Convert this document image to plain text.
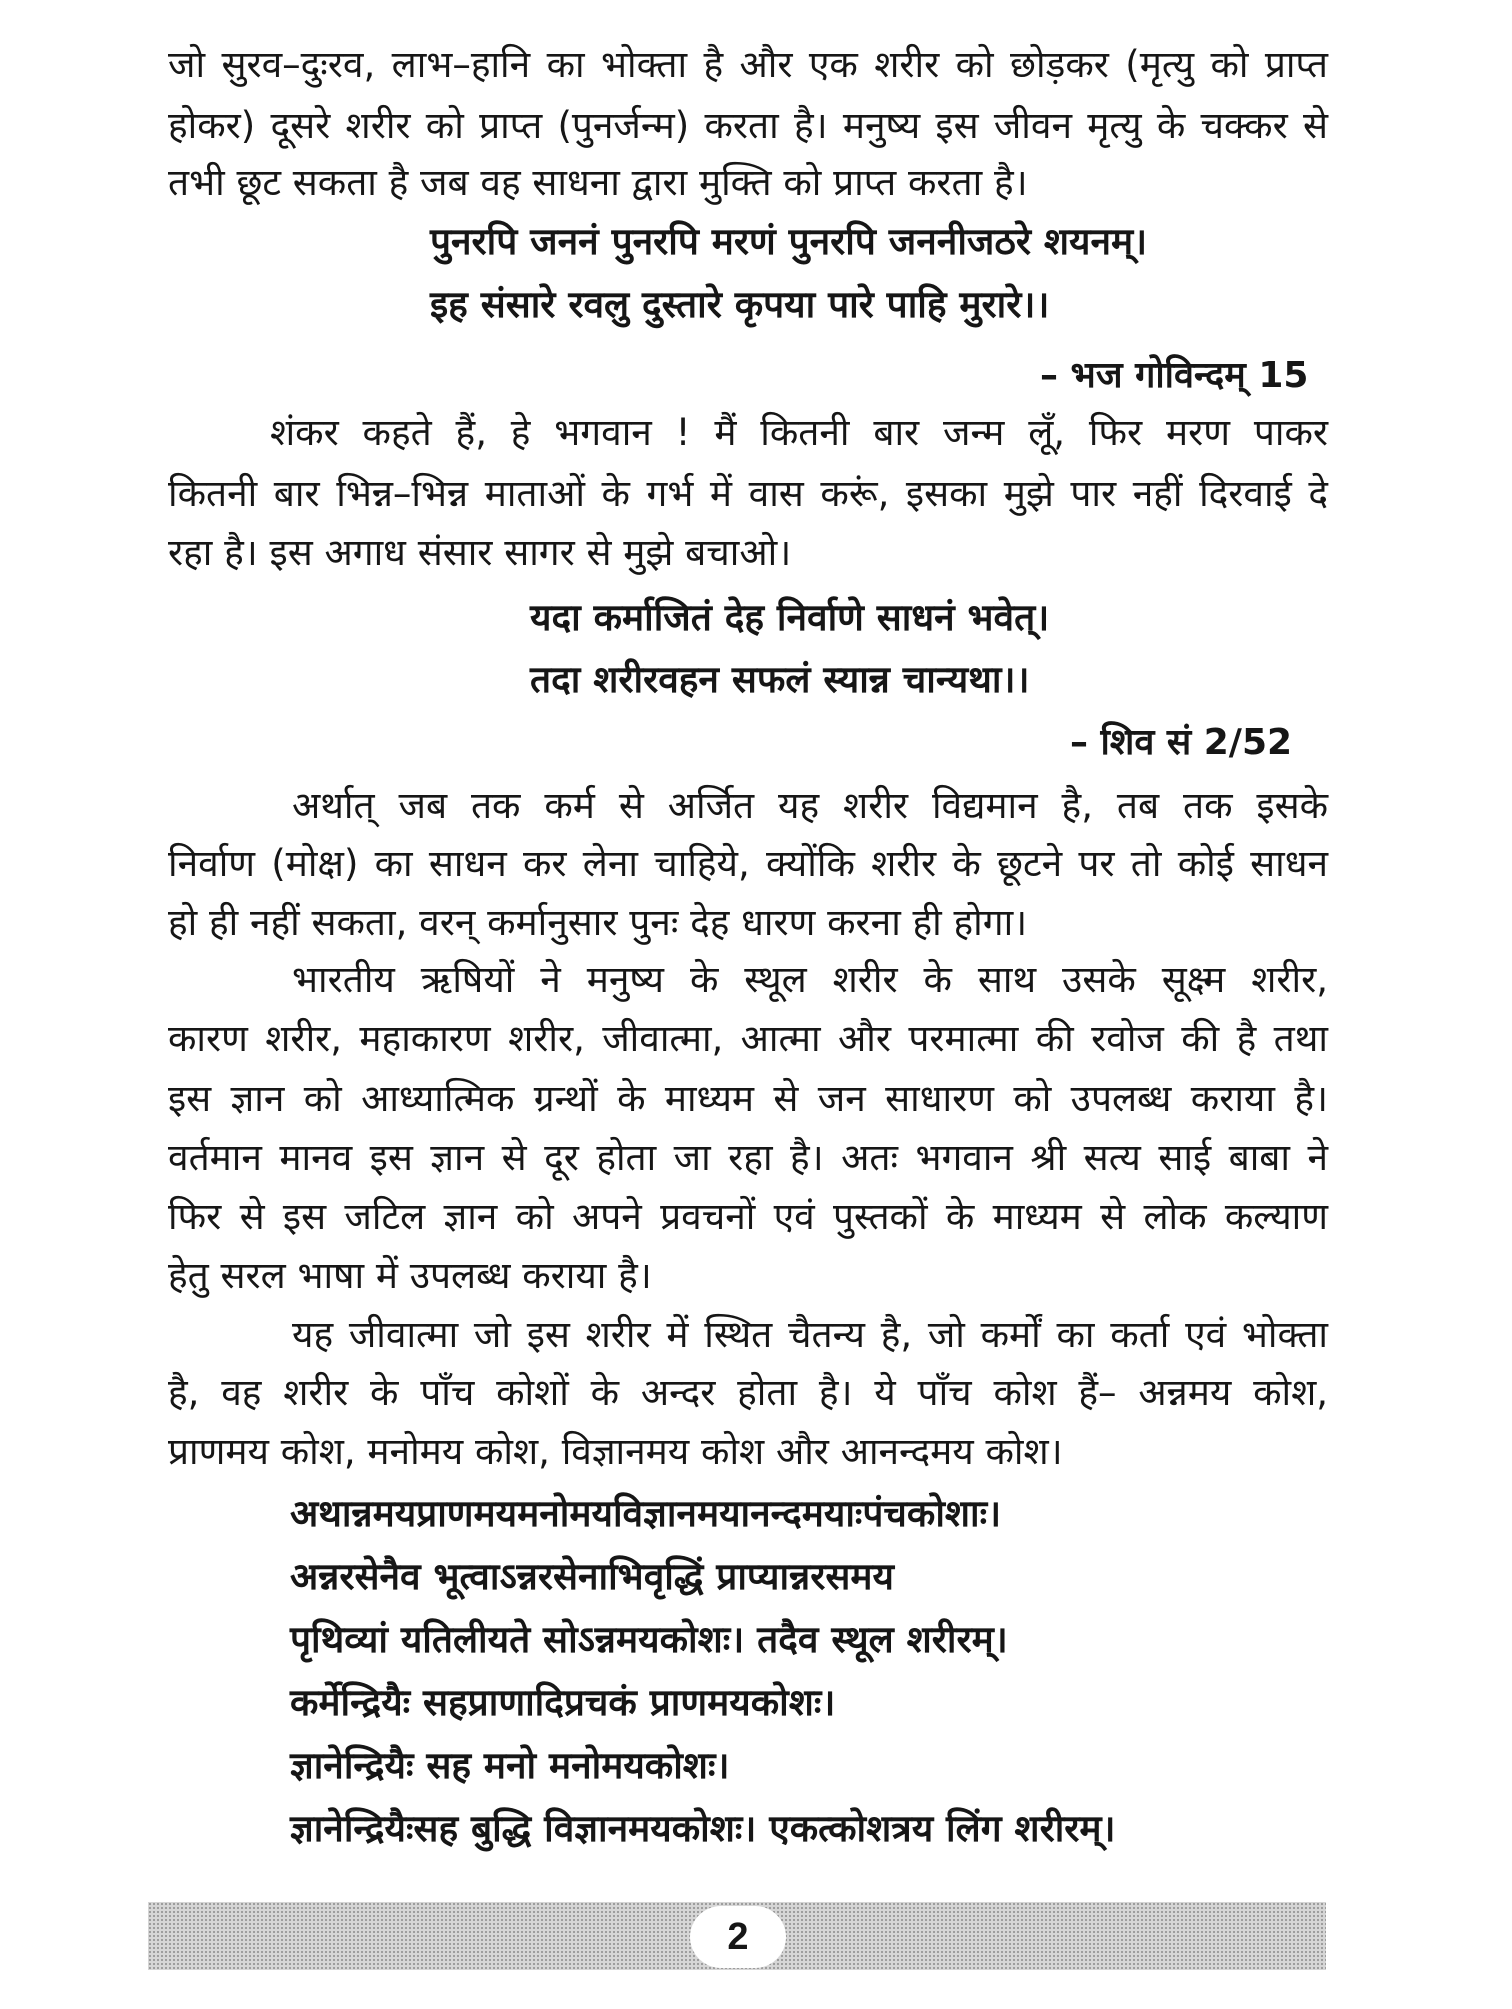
जो सुरव–दुःरव, लाभ–हानि का भोक्ता है और एक शरीर को छोड़कर (मृत्यु को प्राप्त
होकर) दूसरे शरीर को प्राप्त (पुनर्जन्म) करता है। मनुष्य इस जीवन मृत्यु के चक्कर से
तभी छूट सकता है जब वह साधना द्वारा मुक्ति को प्राप्त करता है।
पुनरपि जननं पुनरपि मरणं पुनरपि जननीजठरे शयनम्।
इह संसारे रवलु दुस्तारे कृपया पारे पाहि मुरारे।।
– भज गोविन्दम् 15
शंकर कहते हैं, हे भगवान ! मैं कितनी बार जन्म लूँ, फिर मरण पाकर
कितनी बार भिन्न–भिन्न माताओं के गर्भ में वास करूं, इसका मुझे पार नहीं दिरवाई दे
रहा है। इस अगाध संसार सागर से मुझे बचाओ।
यदा कर्माजितं देह निर्वाणे साधनं भवेत्।
तदा शरीरवहन सफलं स्यान्न चान्यथा।।
– शिव सं 2/52
अर्थात् जब तक कर्म से अर्जित यह शरीर विद्यमान है, तब तक इसके
निर्वाण (मोक्ष) का साधन कर लेना चाहिये, क्योंकि शरीर के छूटने पर तो कोई साधन
हो ही नहीं सकता, वरन् कर्मानुसार पुनः देह धारण करना ही होगा।
भारतीय ऋषियों ने मनुष्य के स्थूल शरीर के साथ उसके सूक्ष्म शरीर,
कारण शरीर, महाकारण शरीर, जीवात्मा, आत्मा और परमात्मा की रवोज की है तथा
इस ज्ञान को आध्यात्मिक ग्रन्थों के माध्यम से जन साधारण को उपलब्ध कराया है।
वर्तमान मानव इस ज्ञान से दूर होता जा रहा है। अतः भगवान श्री सत्य साई बाबा ने
फिर से इस जटिल ज्ञान को अपने प्रवचनों एवं पुस्तकों के माध्यम से लोक कल्याण
हेतु सरल भाषा में उपलब्ध कराया है।
यह जीवात्मा जो इस शरीर में स्थित चैतन्य है, जो कर्मों का कर्ता एवं भोक्ता
है, वह शरीर के पाँच कोशों के अन्दर होता है। ये पाँच कोश हैं– अन्नमय कोश,
प्राणमय कोश, मनोमय कोश, विज्ञानमय कोश और आनन्दमय कोश।
अथान्नमयप्राणमयमनोमयविज्ञानमयानन्दमयाःपंचकोशाः।
अन्नरसेनैव भूत्वाऽन्नरसेनाभिवृद्धिं प्राप्यान्नरसमय
पृथिव्यां यतिलीयते सोऽन्नमयकोशः। तदैव स्थूल शरीरम्।
कर्मेन्द्रियैः सहप्राणादिप्रचकं प्राणमयकोशः।
ज्ञानेन्द्रियैः सह मनो मनोमयकोशः।
ज्ञानेन्द्रियैःसह बुद्धि विज्ञानमयकोशः। एकत्कोशत्रय लिंग शरीरम्।
2
